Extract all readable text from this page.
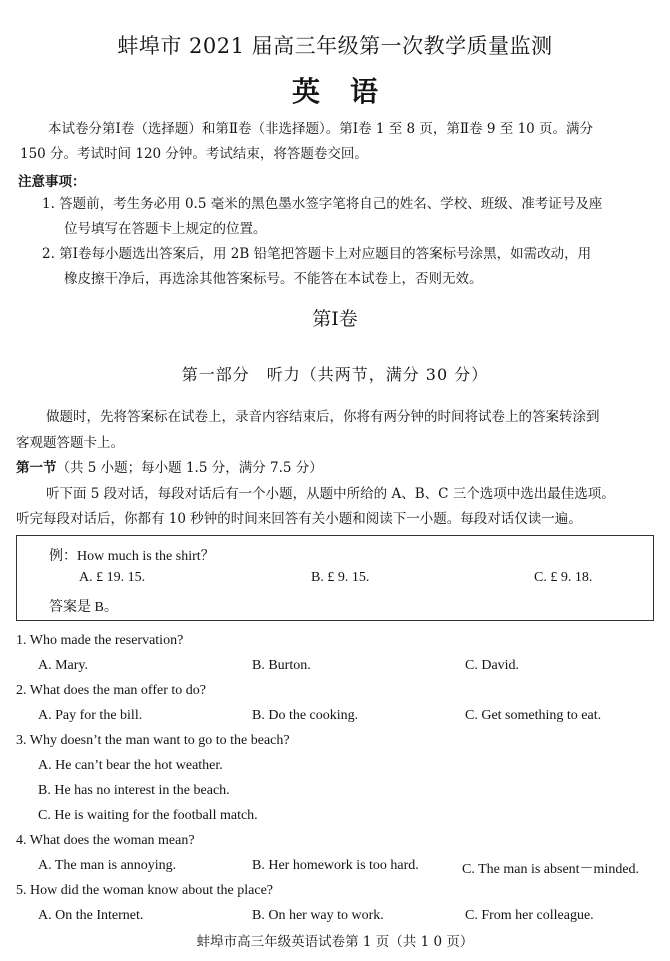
蚌埠市 2021 届高三年级第一次教学质量监测
英语
本试卷分第Ⅰ卷（选择题）和第Ⅱ卷（非选择题）。第Ⅰ卷 1 至 8 页，第Ⅱ卷 9 至 10 页。满分
150 分。考试时间 120 分钟。考试结束，将答题卷交回。
注意事项：
1. 答题前，考生务必用 0.5 毫米的黑色墨水签字笔将自己的姓名、学校、班级、准考证号及座
位号填写在答题卡上规定的位置。
2. 第Ⅰ卷每小题选出答案后，用 2B 铅笔把答题卡上对应题目的答案标号涂黑，如需改动，用
橡皮擦干净后，再选涂其他答案标号。不能答在本试卷上，否则无效。
第Ⅰ卷
第一部分　听力（共两节，满分 30 分）
做题时，先将答案标在试卷上，录音内容结束后，你将有两分钟的时间将试卷上的答案转涂到
客观题答题卡上。
第一节（共 5 小题；每小题 1.5 分，满分 7.5 分）
听下面 5 段对话，每段对话后有一个小题，从题中所给的 A、B、C 三个选项中选出最佳选项。
听完每段对话后，你都有 10 秒钟的时间来回答有关小题和阅读下一小题。每段对话仅读一遍。
例：How much is the shirt？
A. £ 19. 15.	B. £ 9. 15.	C. £ 9. 18.
答案是 B。
1. Who made the reservation?
A. Mary.	B. Burton.	C. David.
2. What does the man offer to do?
A. Pay for the bill.	B. Do the cooking.	C. Get something to eat.
3. Why doesn’t the man want to go to the beach?
A. He can’t bear the hot weather.
B. He has no interest in the beach.
C. He is waiting for the football match.
4. What does the woman mean?
A. The man is annoying.	B. Her homework is too hard.	C. The man is absent－minded.
5. How did the woman know about the place?
A. On the Internet.	B. On her way to work.	C. From her colleague.
蚌埠市高三年级英语试卷第 1 页（共 1 0 页）
